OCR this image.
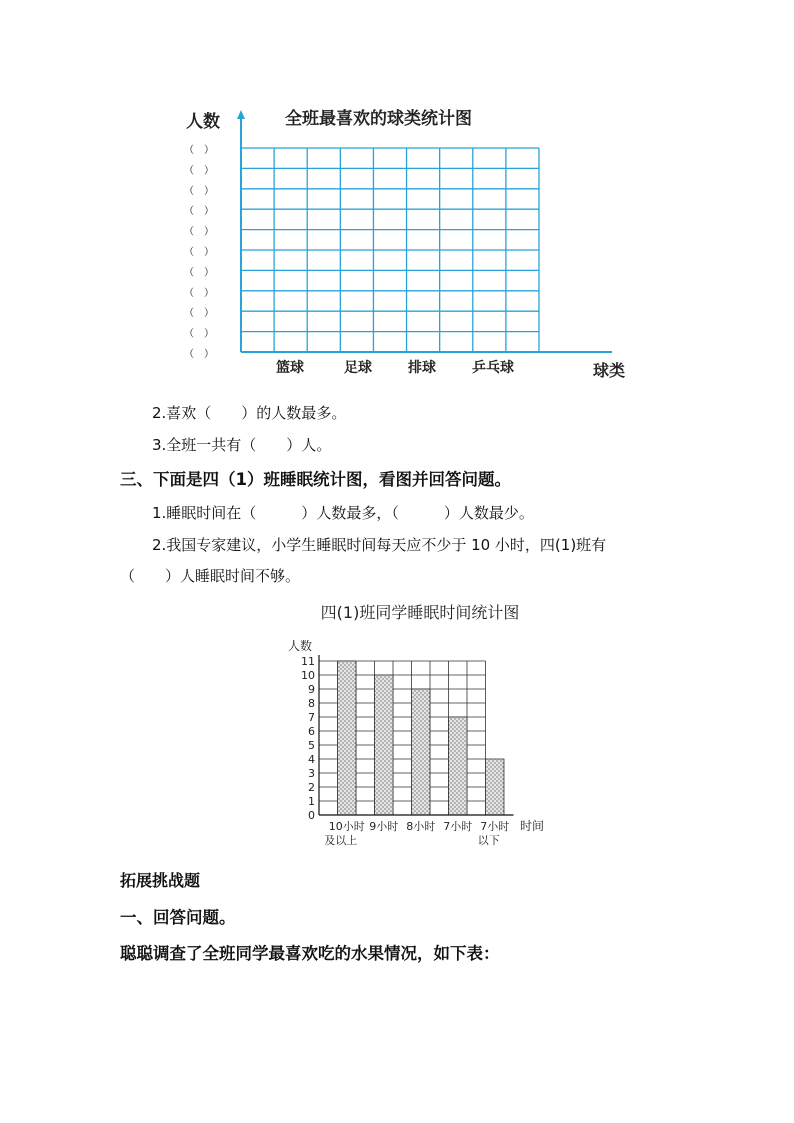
人数	全班最喜欢的球类统计图
（　）
（　）
（　）
（　）
（　）
（　）
（　）
（　）
（　）
（　）
（　）
篮球	足球	排球	乒乓球	球类
2.喜欢（　　）的人数最多。
3.全班一共有（　　）人。
三、下面是四（1）班睡眠统计图，看图并回答问题。
1.睡眠时间在（　　　）人数最多，（　　　）人数最少。
2.我国专家建议，小学生睡眠时间每天应不少于 10 小时，四(1)班有
（　　）人睡眠时间不够。
四(1)班同学睡眠时间统计图
人数
0
1
2
3
4
5
6
7
8
9
10
11
10小时
及以上
9小时 8小时 7小时 7小时
以下
时间
拓展挑战题
一、回答问题。
聪聪调查了全班同学最喜欢吃的水果情况，如下表：
